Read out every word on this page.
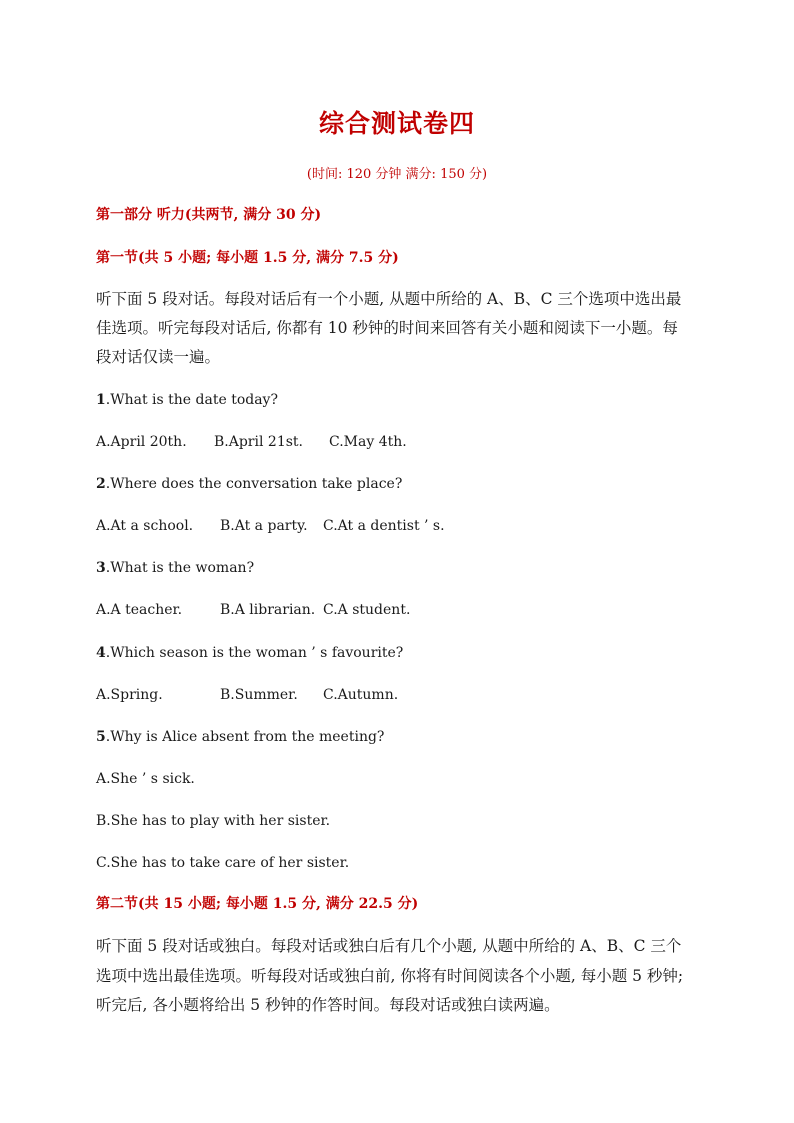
综合测试卷四
(时间: 120 分钟 满分: 150 分)
第一部分 听力(共两节, 满分 30 分)
第一节(共 5 小题; 每小题 1.5 分, 满分 7.5 分)
听下面 5 段对话。每段对话后有一个小题, 从题中所给的 A、B、C 三个选项中选出最
佳选项。听完每段对话后, 你都有 10 秒钟的时间来回答有关小题和阅读下一小题。每
段对话仅读一遍。
1.What is the date today?
A.April 20th. B.April 21st. C.May 4th.
2.Where does the conversation take place?
A.At a school. B.At a party. C.At a dentist ’ s.
3.What is the woman?
A.A teacher.	B.A librarian. C.A student.
4.Which season is the woman ’ s favourite?
A.Spring.	B.Summer. C.Autumn.
5.Why is Alice absent from the meeting?
A.She ’ s sick.
B.She has to play with her sister.
C.She has to take care of her sister.
第二节(共 15 小题; 每小题 1.5 分, 满分 22.5 分)
听下面 5 段对话或独白。每段对话或独白后有几个小题, 从题中所给的 A、B、C 三个
选项中选出最佳选项。听每段对话或独白前, 你将有时间阅读各个小题, 每小题 5 秒钟;
听完后, 各小题将给出 5 秒钟的作答时间。每段对话或独白读两遍。
